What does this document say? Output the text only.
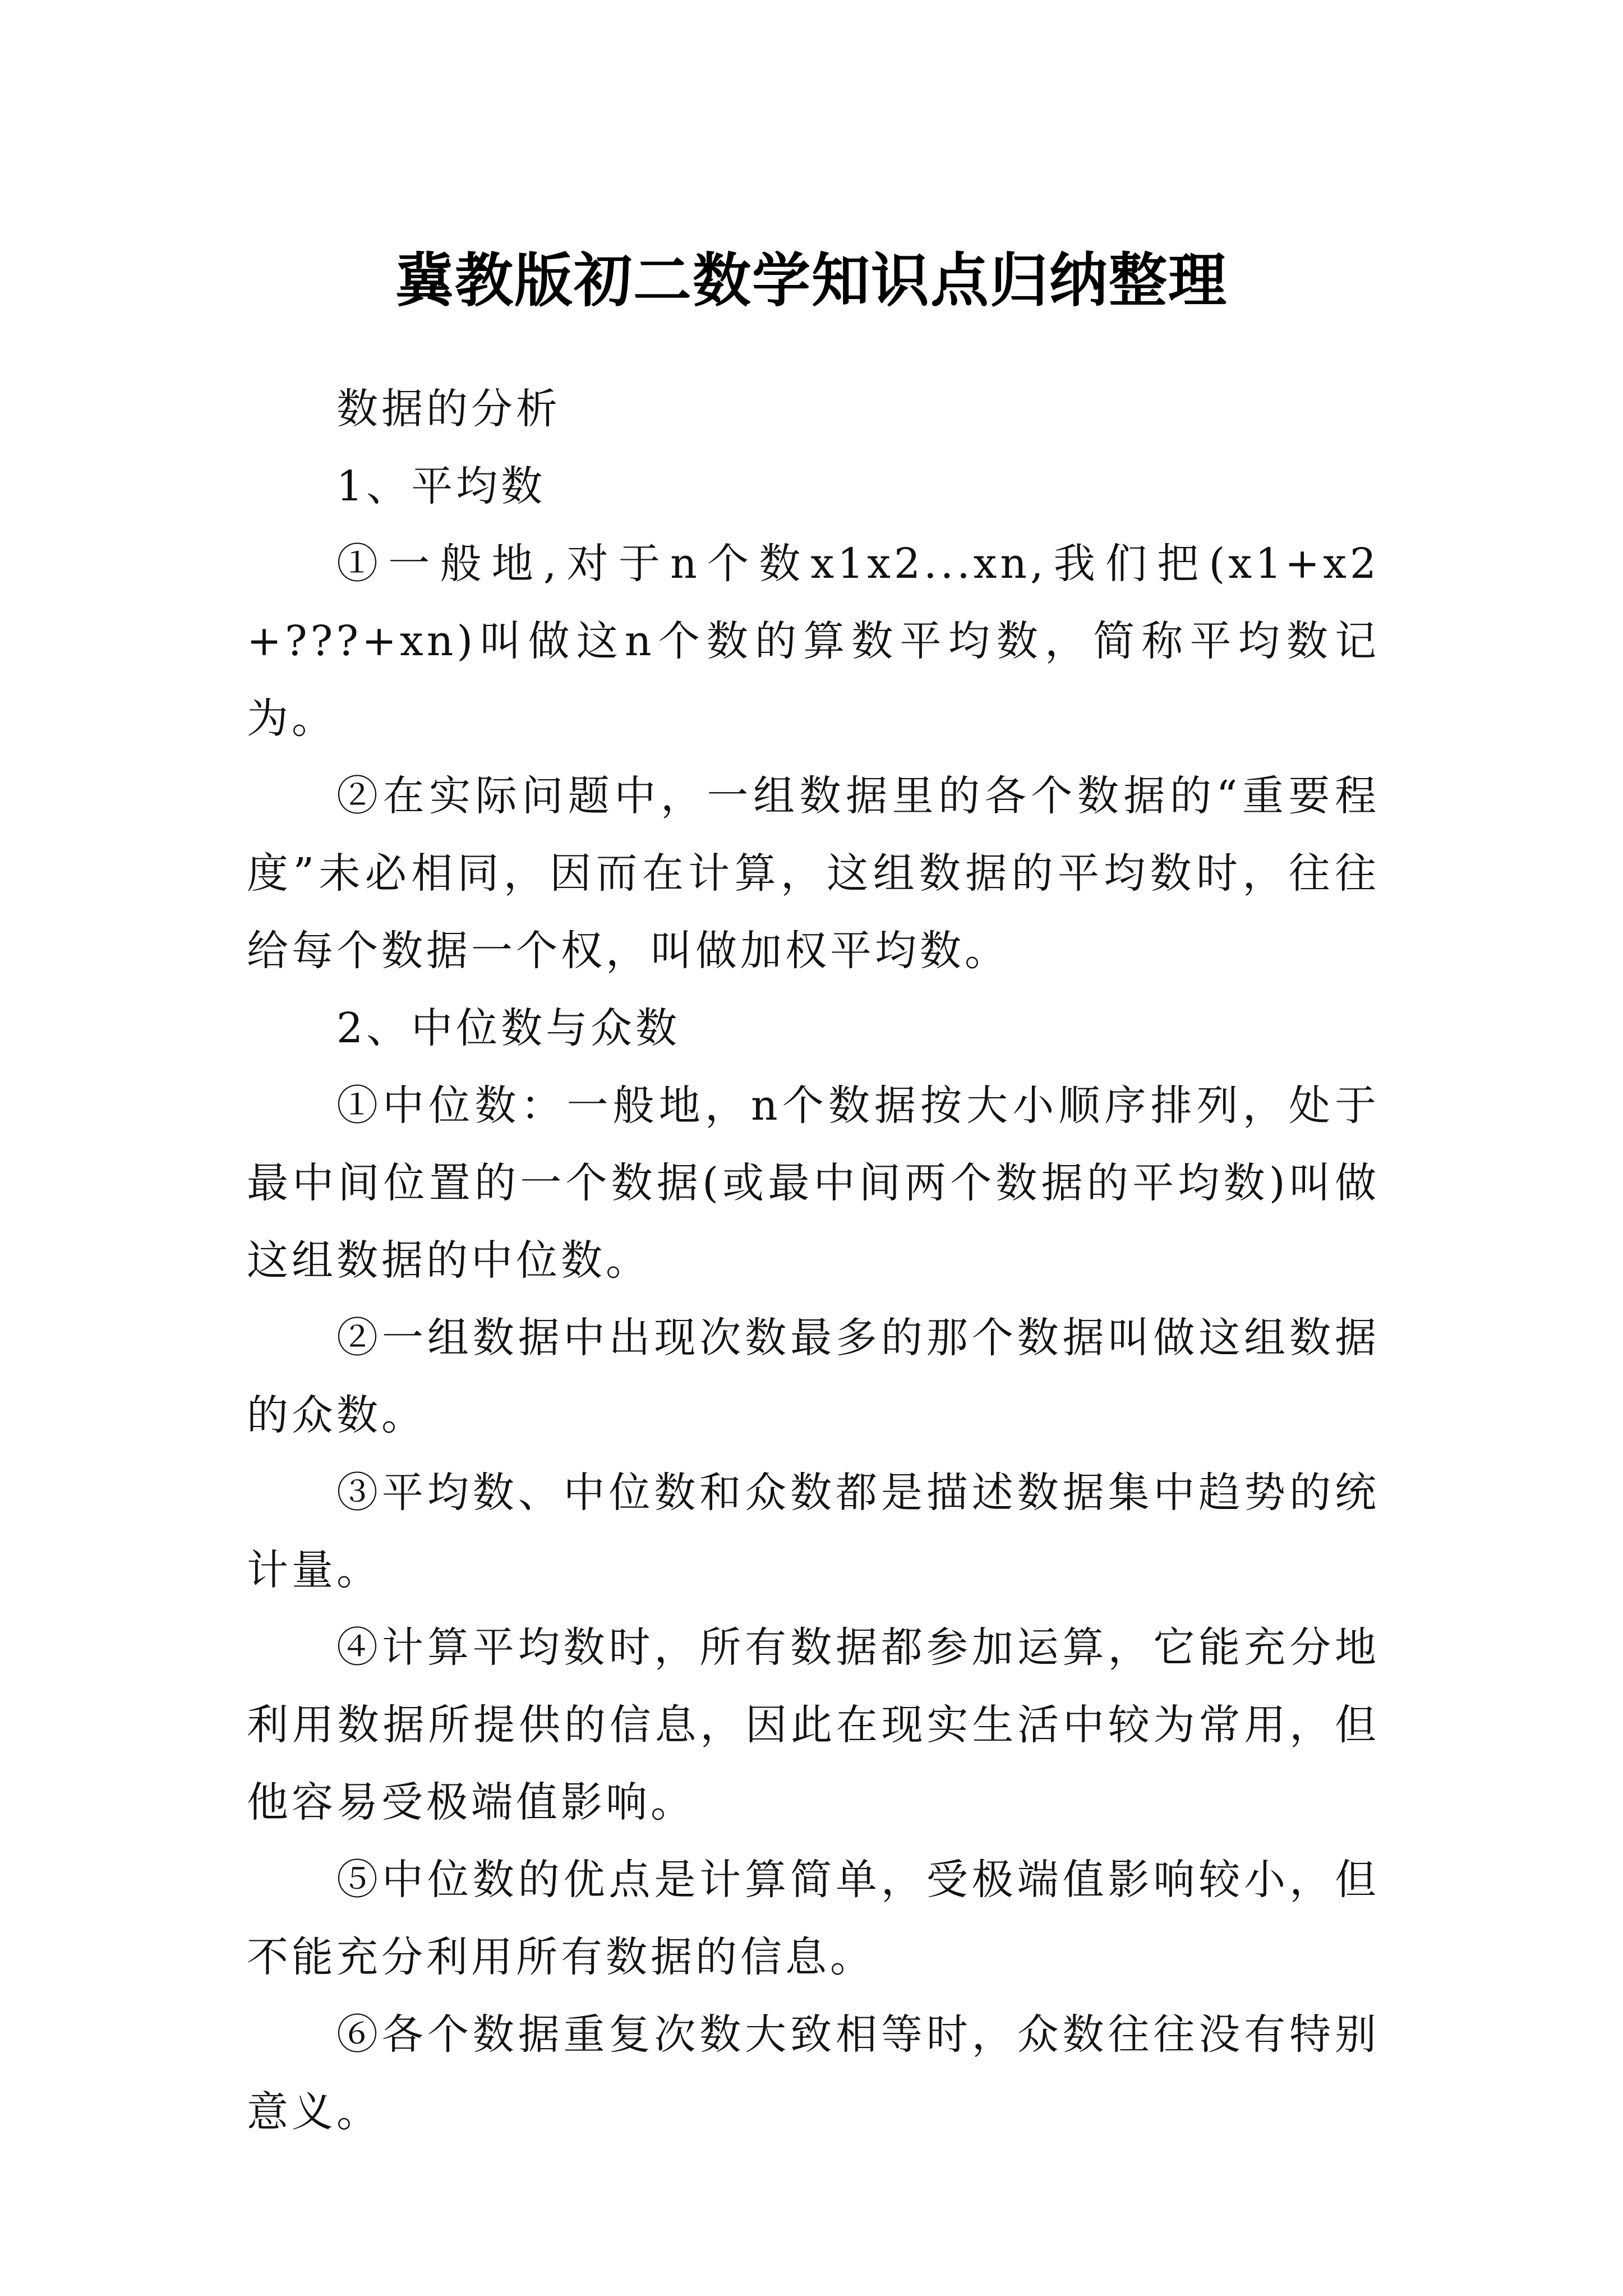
冀教版初二数学知识点归纳整理

数据的分析

1、平均数

①一般地,对于n个数x1x2...xn,我们把(x1+x2+???+xn)叫做这n个数的算数平均数，简称平均数记为。

②在实际问题中，一组数据里的各个数据的“重要程度”未必相同，因而在计算，这组数据的平均数时，往往给每个数据一个权，叫做加权平均数。

2、中位数与众数

①中位数：一般地，n个数据按大小顺序排列，处于最中间位置的一个数据(或最中间两个数据的平均数)叫做这组数据的中位数。

②一组数据中出现次数最多的那个数据叫做这组数据的众数。

③平均数、中位数和众数都是描述数据集中趋势的统计量。

④计算平均数时，所有数据都参加运算，它能充分地利用数据所提供的信息，因此在现实生活中较为常用，但他容易受极端值影响。

⑤中位数的优点是计算简单，受极端值影响较小，但不能充分利用所有数据的信息。

⑥各个数据重复次数大致相等时，众数往往没有特别意义。
